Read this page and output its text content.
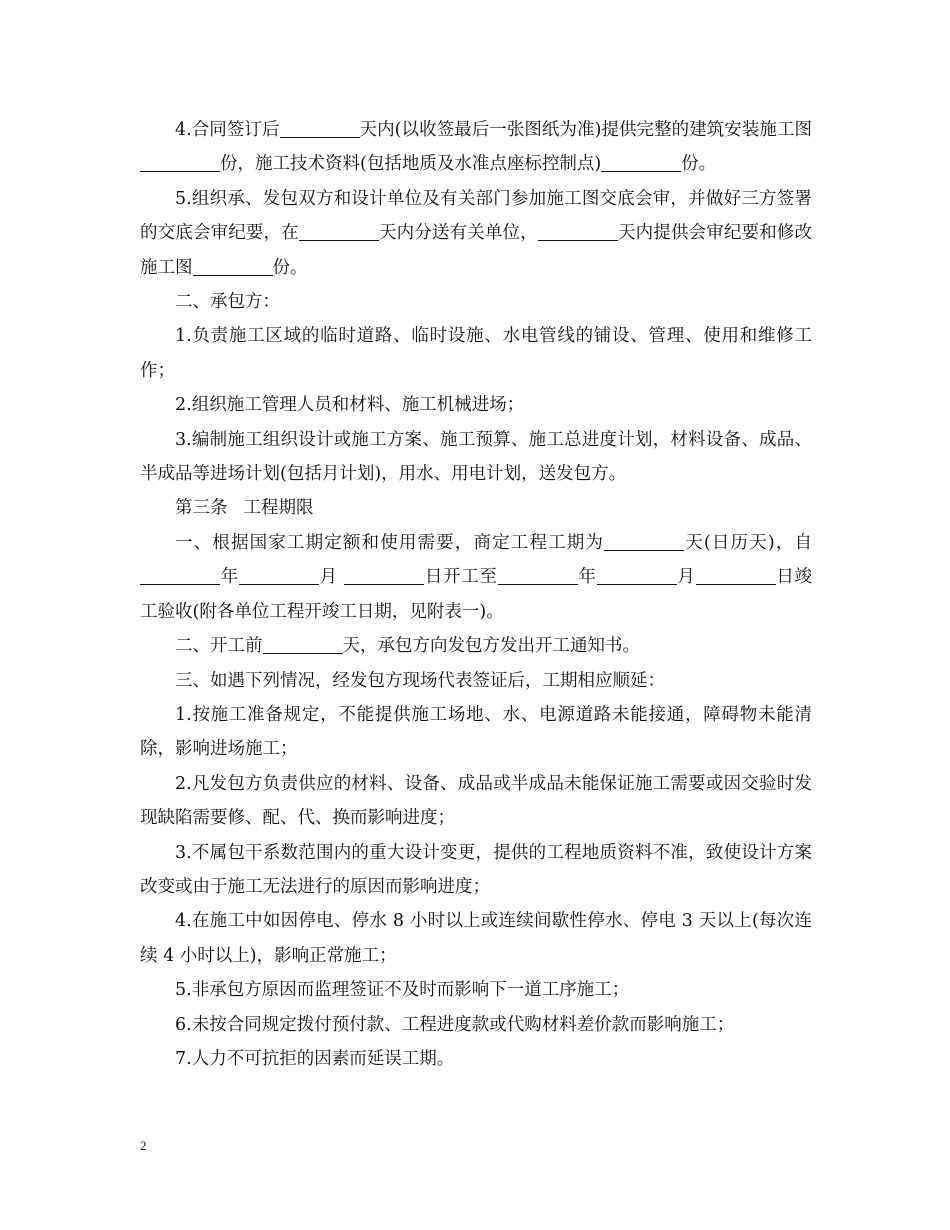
4.合同签订后	天内(以收签最后一张图纸为准)提供完整的建筑安装施工图份，施工技术资料(包括地质及水准点座标控制点)	份。

5.组织承、发包双方和设计单位及有关部门参加施工图交底会审，并做好三方签署的交底会审纪要，在	天内分送有关单位，	天内提供会审纪要和修改施工图	份。

二、承包方：

1.负责施工区域的临时道路、临时设施、水电管线的铺设、管理、使用和维修工作；

2.组织施工管理人员和材料、施工机械进场；

3.编制施工组织设计或施工方案、施工预算、施工总进度计划，材料设备、成品、半成品等进场计划(包括月计划)，用水、用电计划，送发包方。

第三条 工程期限

一、根据国家工期定额和使用需要，商定工程工期为	天(日历天)，自年	月	日开工至	年	月	日竣工验收(附各单位工程开竣工日期，见附表一)。

二、开工前	天，承包方向发包方发出开工通知书。

三、如遇下列情况，经发包方现场代表签证后，工期相应顺延：

1.按施工准备规定，不能提供施工场地、水、电源道路未能接通，障碍物未能清除，影响进场施工；

2.凡发包方负责供应的材料、设备、成品或半成品未能保证施工需要或因交验时发现缺陷需要修、配、代、换而影响进度；

3.不属包干系数范围内的重大设计变更，提供的工程地质资料不准，致使设计方案改变或由于施工无法进行的原因而影响进度；

4.在施工中如因停电、停水 8 小时以上或连续间歇性停水、停电 3 天以上(每次连续 4 小时以上)，影响正常施工；

5.非承包方原因而监理签证不及时而影响下一道工序施工；

6.未按合同规定拨付预付款、工程进度款或代购材料差价款而影响施工；

7.人力不可抗拒的因素而延误工期。

2
